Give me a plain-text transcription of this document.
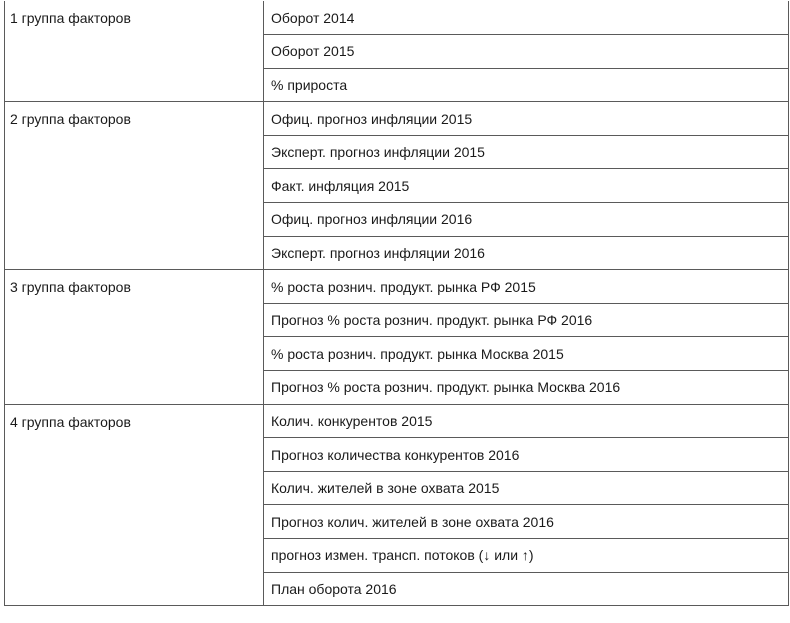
1 группа факторов	Оборот 2014
	Оборот 2015
	% прироста
2 группа факторов	Офиц. прогноз инфляции 2015
	Эксперт. прогноз инфляции 2015
	Факт. инфляция 2015
	Офиц. прогноз инфляции 2016
	Эксперт. прогноз инфляции 2016
3 группа факторов	% роста рознич. продукт. рынка РФ 2015
	Прогноз % роста рознич. продукт. рынка РФ 2016
	% роста рознич. продукт. рынка Москва 2015
	Прогноз % роста рознич. продукт. рынка Москва 2016
4 группа факторов	Колич. конкурентов 2015
	Прогноз количества конкурентов 2016
	Колич. жителей в зоне охвата 2015
	Прогноз колич. жителей в зоне охвата 2016
	прогноз измен. трансп. потоков (↓ или ↑)
	План оборота 2016
